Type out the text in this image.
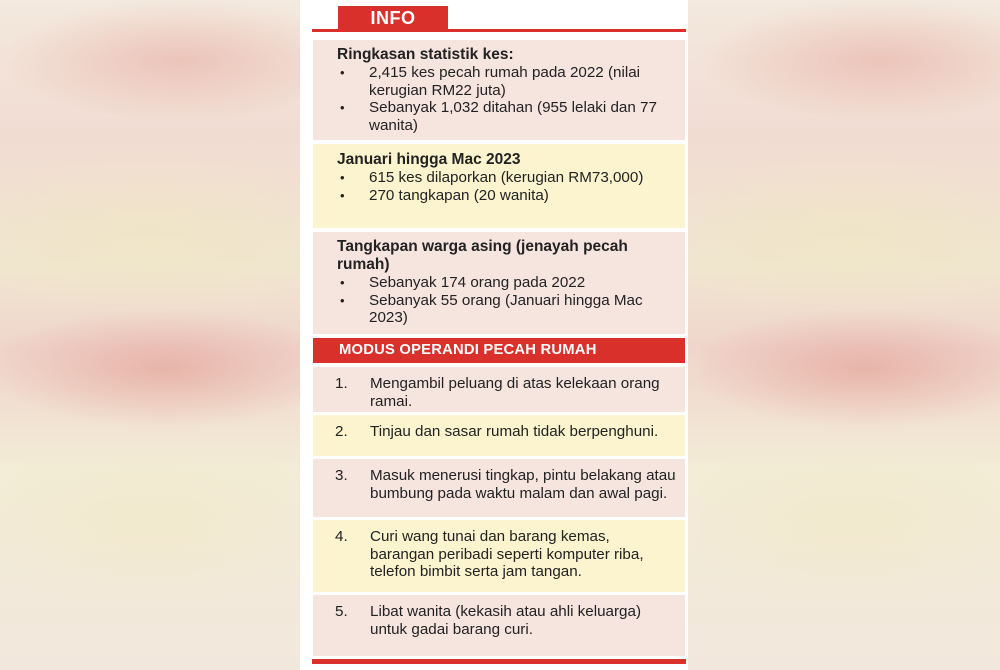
INFO
Ringkasan statistik kes:
• 2,415 kes pecah rumah pada 2022 (nilai kerugian RM22 juta)
• Sebanyak 1,032 ditahan (955 lelaki dan 77 wanita)
Januari hingga Mac 2023
• 615 kes dilaporkan (kerugian RM73,000)
• 270 tangkapan (20 wanita)
Tangkapan warga asing (jenayah pecah rumah)
• Sebanyak 174 orang pada 2022
• Sebanyak 55 orang (Januari hingga Mac 2023)
MODUS OPERANDI PECAH RUMAH
1.	Mengambil peluang di atas kelekaan orang ramai.
2.	Tinjau dan sasar rumah tidak berpenghuni.
3.	Masuk menerusi tingkap, pintu belakang atau bumbung pada waktu malam dan awal pagi.
4.	Curi wang tunai dan barang kemas, barangan peribadi seperti komputer riba, telefon bimbit serta jam tangan.
5.	Libat wanita (kekasih atau ahli keluarga) untuk gadai barang curi.
